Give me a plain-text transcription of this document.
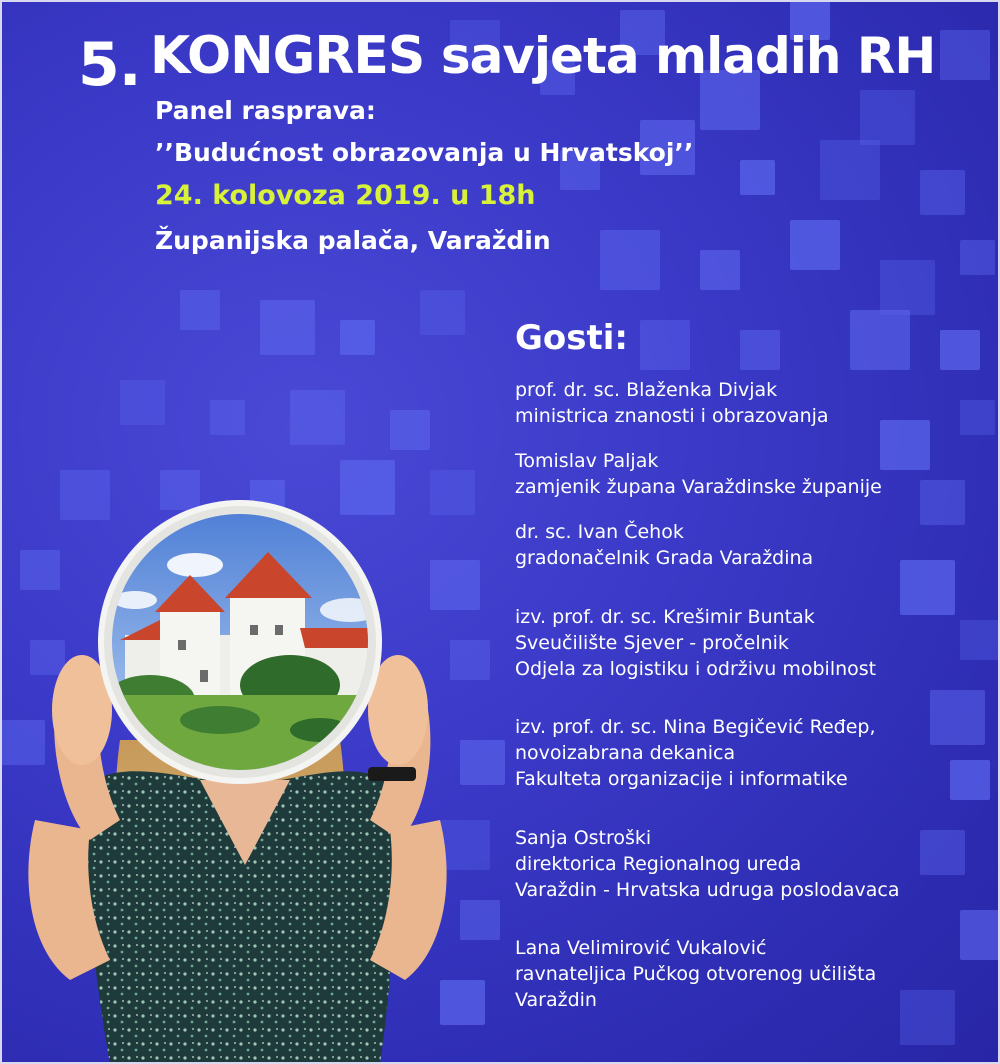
5. KONGRES savjeta mladih RH
Panel rasprava:
’’Budućnost obrazovanja u Hrvatskoj’’
24. kolovoza 2019. u 18h
Županijska palača, Varaždin
Gosti:
prof. dr. sc. Blaženka Divjak
ministrica znanosti i obrazovanja
Tomislav Paljak
zamjenik župana Varaždinske županije
dr. sc. Ivan Čehok
gradonačelnik Grada Varaždina
izv. prof. dr. sc. Krešimir Buntak
Sveučilište Sjever - pročelnik
Odjela za logistiku i održivu mobilnost
izv. prof. dr. sc. Nina Begičević Ređep,
novoizabrana dekanica
Fakulteta organizacije i informatike
Sanja Ostroški
direktorica Regionalnog ureda
Varaždin - Hrvatska udruga poslodavaca
Lana Velimirović Vukalović
ravnateljica Pučkog otvorenog učilišta
Varaždin
